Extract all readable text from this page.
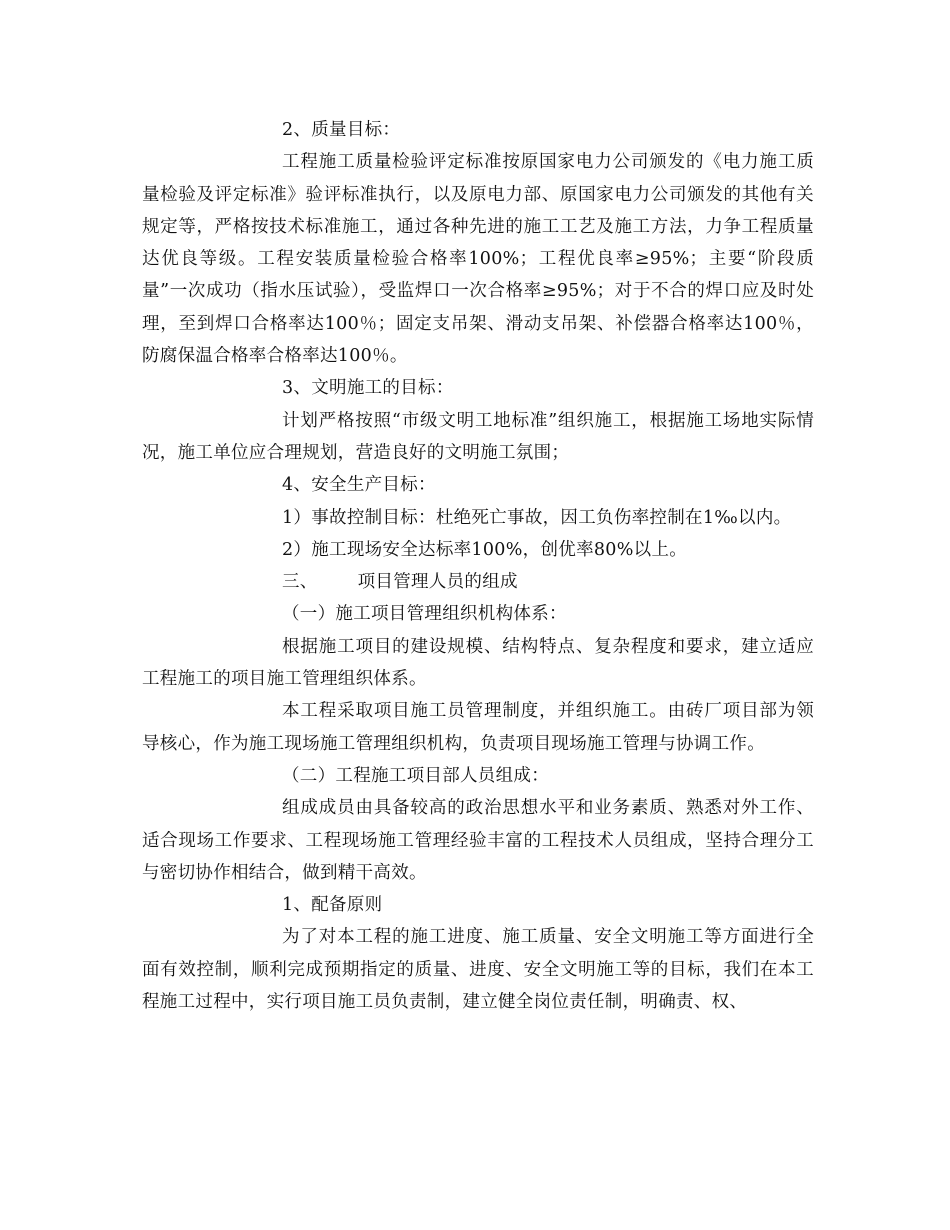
2、质量目标：

工程施工质量检验评定标准按原国家电力公司颁发的《电力施工质量检验及评定标准》验评标准执行，以及原电力部、原国家电力公司颁发的其他有关规定等，严格按技术标准施工，通过各种先进的施工工艺及施工方法，力争工程质量达优良等级。工程安装质量检验合格率100%；工程优良率≥95%；主要“阶段质量”一次成功（指水压试验），受监焊口一次合格率≥95%；对于不合的焊口应及时处理，至到焊口合格率达100％；固定支吊架、滑动支吊架、补偿器合格率达100％，防腐保温合格率合格率达100％。

3、文明施工的目标：

计划严格按照“市级文明工地标准”组织施工，根据施工场地实际情况，施工单位应合理规划，营造良好的文明施工氛围；

4、安全生产目标：

1）事故控制目标：杜绝死亡事故，因工负伤率控制在1‰以内。

2）施工现场安全达标率100%，创优率80%以上。

三、 项目管理人员的组成

（一）施工项目管理组织机构体系：

根据施工项目的建设规模、结构特点、复杂程度和要求，建立适应工程施工的项目施工管理组织体系。

本工程采取项目施工员管理制度，并组织施工。由砖厂项目部为领导核心，作为施工现场施工管理组织机构，负责项目现场施工管理与协调工作。

（二）工程施工项目部人员组成：

组成成员由具备较高的政治思想水平和业务素质、熟悉对外工作、适合现场工作要求、工程现场施工管理经验丰富的工程技术人员组成，坚持合理分工与密切协作相结合，做到精干高效。

1、配备原则

为了对本工程的施工进度、施工质量、安全文明施工等方面进行全面有效控制，顺利完成预期指定的质量、进度、安全文明施工等的目标，我们在本工程施工过程中，实行项目施工员负责制，建立健全岗位责任制，明确责、权、
